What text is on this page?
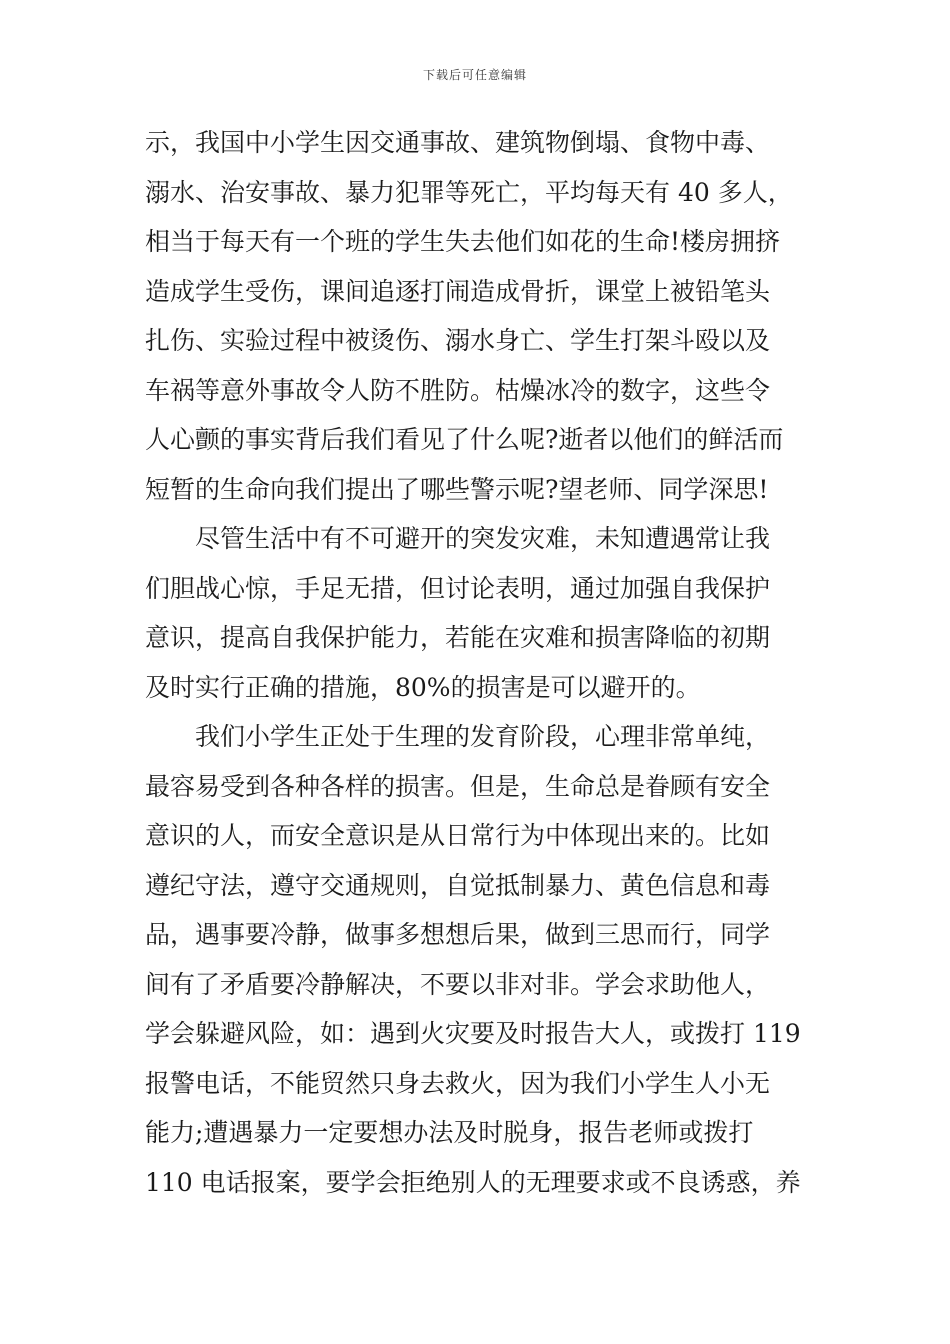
下载后可任意编辑
示，我国中小学生因交通事故、建筑物倒塌、食物中毒、
溺水、治安事故、暴力犯罪等死亡，平均每天有 40 多人，
相当于每天有一个班的学生失去他们如花的生命!楼房拥挤
造成学生受伤，课间追逐打闹造成骨折，课堂上被铅笔头
扎伤、实验过程中被烫伤、溺水身亡、学生打架斗殴以及
车祸等意外事故令人防不胜防。枯燥冰冷的数字，这些令
人心颤的事实背后我们看见了什么呢?逝者以他们的鲜活而
短暂的生命向我们提出了哪些警示呢?望老师、同学深思!
　　尽管生活中有不可避开的突发灾难，未知遭遇常让我
们胆战心惊，手足无措，但讨论表明，通过加强自我保护
意识，提高自我保护能力，若能在灾难和损害降临的初期
及时实行正确的措施，80%的损害是可以避开的。
　　我们小学生正处于生理的发育阶段，心理非常单纯，
最容易受到各种各样的损害。但是，生命总是眷顾有安全
意识的人，而安全意识是从日常行为中体现出来的。比如
遵纪守法，遵守交通规则，自觉抵制暴力、黄色信息和毒
品，遇事要冷静，做事多想想后果，做到三思而行，同学
间有了矛盾要冷静解决，不要以非对非。学会求助他人，
学会躲避风险，如：遇到火灾要及时报告大人，或拨打 119
报警电话，不能贸然只身去救火，因为我们小学生人小无
能力;遭遇暴力一定要想办法及时脱身，报告老师或拨打
110 电话报案，要学会拒绝别人的无理要求或不良诱惑，养
